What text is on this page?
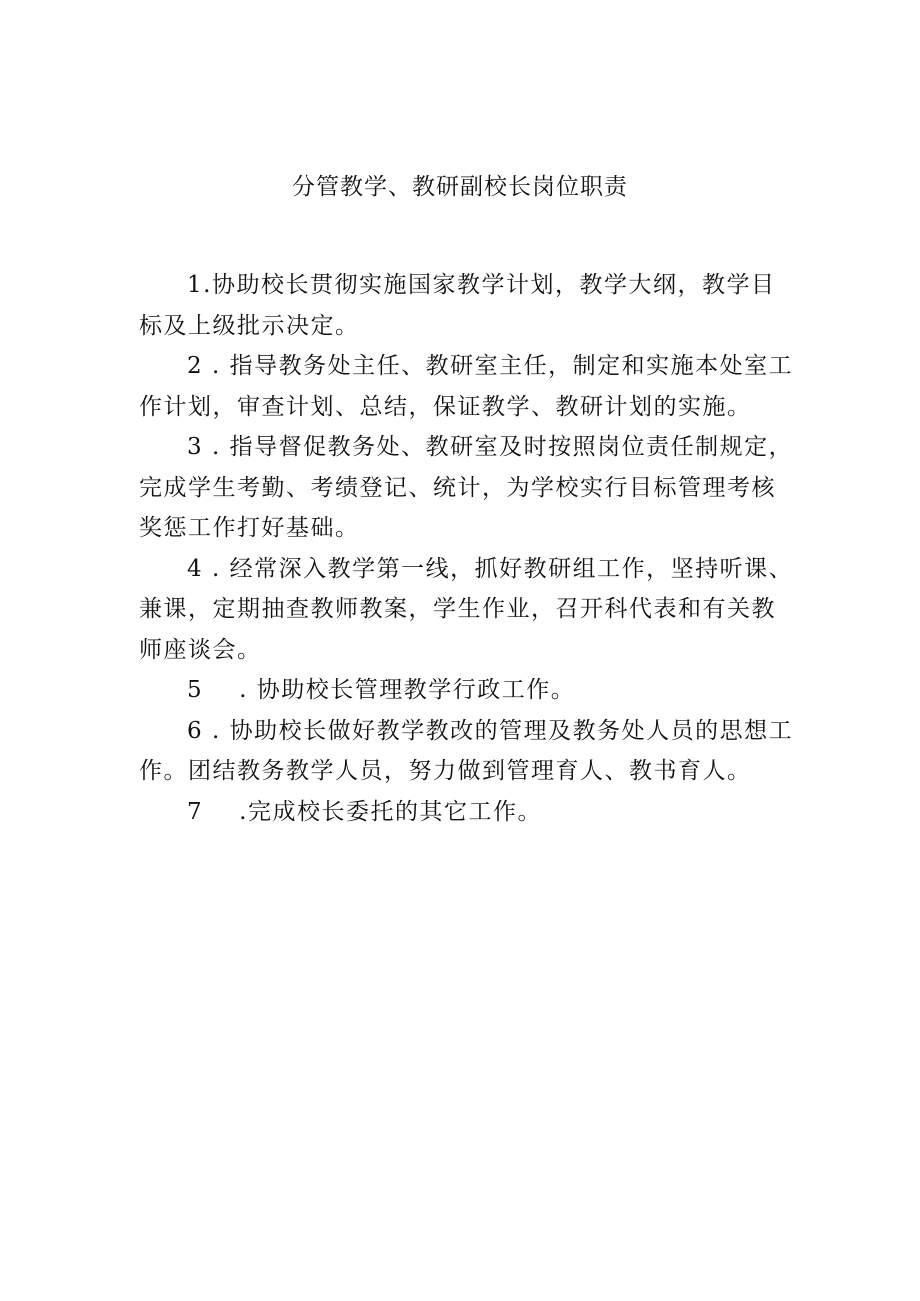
分管教学、教研副校长岗位职责

1.协助校长贯彻实施国家教学计划，教学大纲，教学目标及上级批示决定。

2 . 指导教务处主任、教研室主任，制定和实施本处室工作计划，审查计划、总结，保证教学、教研计划的实施。

3 . 指导督促教务处、教研室及时按照岗位责任制规定，完成学生考勤、考绩登记、统计，为学校实行目标管理考核奖惩工作打好基础。

4 . 经常深入教学第一线，抓好教研组工作，坚持听课、兼课，定期抽查教师教案，学生作业，召开科代表和有关教师座谈会。

5 . 协助校长管理教学行政工作。

6 . 协助校长做好教学教改的管理及教务处人员的思想工作。团结教务教学人员，努力做到管理育人、教书育人。

7 .完成校长委托的其它工作。
